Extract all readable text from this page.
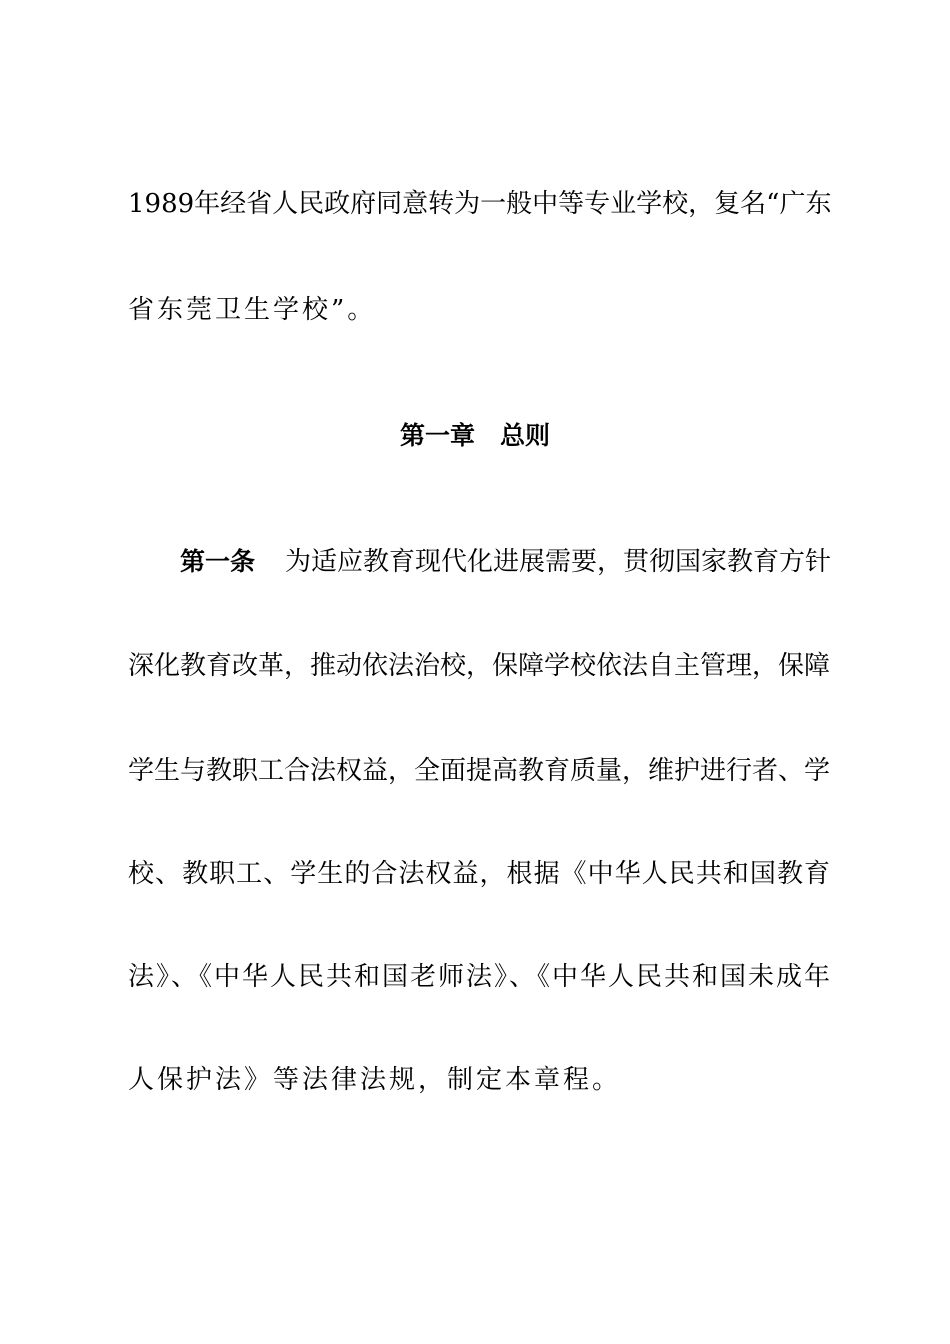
1989年经省人民政府同意转为一般中等专业学校，复名“广东
省东莞卫生学校”。
第一章　总则
第一条 为适应教育现代化进展需要，贯彻国家教育方针
深化教育改革，推动依法治校，保障学校依法自主管理，保障
学生与教职工合法权益，全面提高教育质量，维护进行者、学
校、教职工、学生的合法权益，根据《中华人民共和国教育
法》、《中华人民共和国老师法》、《中华人民共和国未成年
人保护法》等法律法规，制定本章程。
